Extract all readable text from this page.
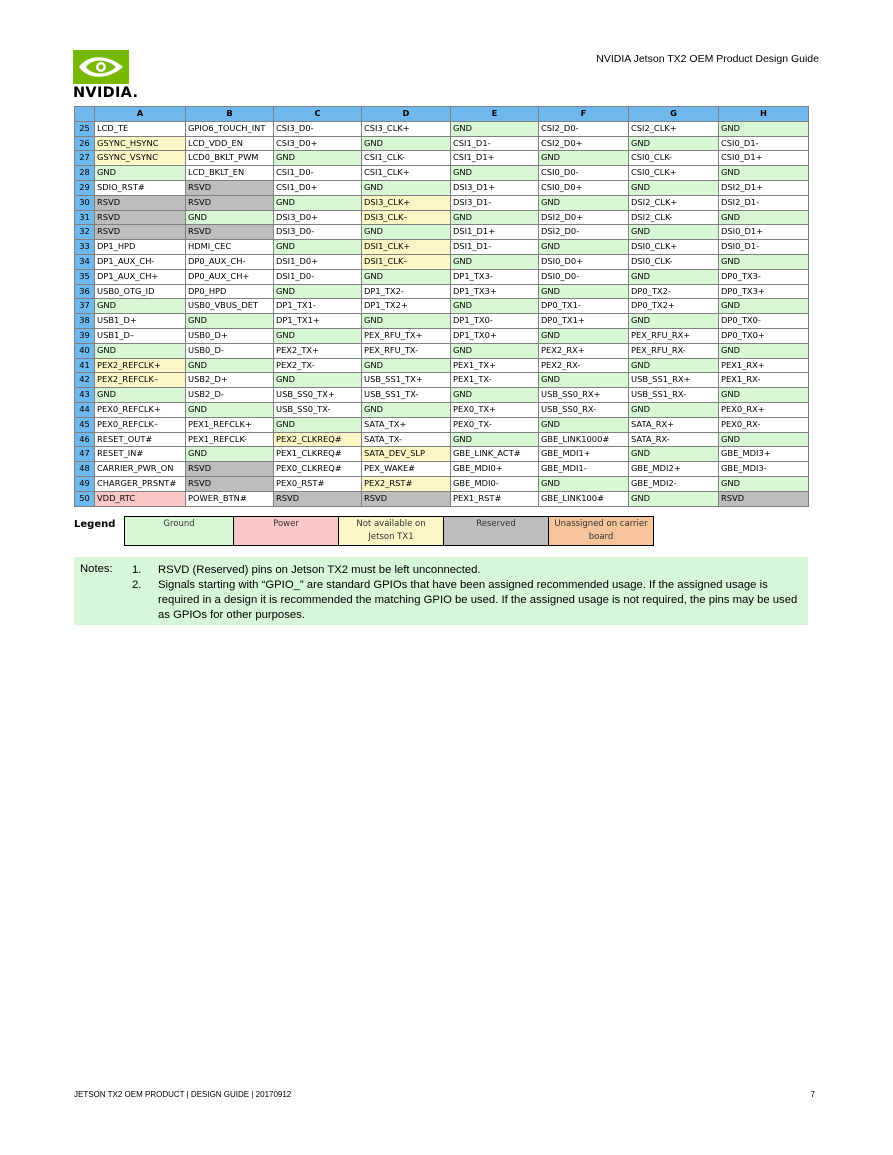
NVIDIA Jetson TX2 OEM Product Design Guide
NVIDIA.
	A	B	C	D	E	F	G	H
25	LCD_TE	GPIO6_TOUCH_INT	CSI3_D0-	CSI3_CLK+	GND	CSI2_D0-	CSI2_CLK+	GND
26	GSYNC_HSYNC	LCD_VDD_EN	CSI3_D0+	GND	CSI1_D1-	CSI2_D0+	GND	CSI0_D1-
27	GSYNC_VSYNC	LCD0_BKLT_PWM	GND	CSI1_CLK-	CSI1_D1+	GND	CSI0_CLK-	CSI0_D1+
28	GND	LCD_BKLT_EN	CSI1_D0-	CSI1_CLK+	GND	CSI0_D0-	CSI0_CLK+	GND
29	SDIO_RST#	RSVD	CSI1_D0+	GND	DSI3_D1+	CSI0_D0+	GND	DSI2_D1+
30	RSVD	RSVD	GND	DSI3_CLK+	DSI3_D1-	GND	DSI2_CLK+	DSI2_D1-
31	RSVD	GND	DSI3_D0+	DSI3_CLK–	GND	DSI2_D0+	DSI2_CLK-	GND
32	RSVD	RSVD	DSI3_D0-	GND	DSI1_D1+	DSI2_D0-	GND	DSI0_D1+
33	DP1_HPD	HDMI_CEC	GND	DSI1_CLK+	DSI1_D1-	GND	DSI0_CLK+	DSI0_D1-
34	DP1_AUX_CH-	DP0_AUX_CH-	DSI1_D0+	DSI1_CLK–	GND	DSI0_D0+	DSI0_CLK-	GND
35	DP1_AUX_CH+	DP0_AUX_CH+	DSI1_D0-	GND	DP1_TX3-	DSI0_D0-	GND	DP0_TX3-
36	USB0_OTG_ID	DP0_HPD	GND	DP1_TX2-	DP1_TX3+	GND	DP0_TX2-	DP0_TX3+
37	GND	USB0_VBUS_DET	DP1_TX1-	DP1_TX2+	GND	DP0_TX1-	DP0_TX2+	GND
38	USB1_D+	GND	DP1_TX1+	GND	DP1_TX0-	DP0_TX1+	GND	DP0_TX0-
39	USB1_D–	USB0_D+	GND	PEX_RFU_TX+	DP1_TX0+	GND	PEX_RFU_RX+	DP0_TX0+
40	GND	USB0_D-	PEX2_TX+	PEX_RFU_TX-	GND	PEX2_RX+	PEX_RFU_RX-	GND
41	PEX2_REFCLK+	GND	PEX2_TX-	GND	PEX1_TX+	PEX2_RX-	GND	PEX1_RX+
42	PEX2_REFCLK–	USB2_D+	GND	USB_SS1_TX+	PEX1_TX-	GND	USB_SS1_RX+	PEX1_RX-
43	GND	USB2_D-	USB_SS0_TX+	USB_SS1_TX-	GND	USB_SS0_RX+	USB_SS1_RX-	GND
44	PEX0_REFCLK+	GND	USB_SS0_TX-	GND	PEX0_TX+	USB_SS0_RX-	GND	PEX0_RX+
45	PEX0_REFCLK–	PEX1_REFCLK+	GND	SATA_TX+	PEX0_TX-	GND	SATA_RX+	PEX0_RX-
46	RESET_OUT#	PEX1_REFCLK-	PEX2_CLKREQ#	SATA_TX-	GND	GBE_LINK1000#	SATA_RX-	GND
47	RESET_IN#	GND	PEX1_CLKREQ#	SATA_DEV_SLP	GBE_LINK_ACT#	GBE_MDI1+	GND	GBE_MDI3+
48	CARRIER_PWR_ON	RSVD	PEX0_CLKREQ#	PEX_WAKE#	GBE_MDI0+	GBE_MDI1-	GBE_MDI2+	GBE_MDI3-
49	CHARGER_PRSNT#	RSVD	PEX0_RST#	PEX2_RST#	GBE_MDI0-	GND	GBE_MDI2-	GND
50	VDD_RTC	POWER_BTN#	RSVD	RSVD	PEX1_RST#	GBE_LINK100#	GND	RSVD
Legend	Ground	Power	Not available on Jetson TX1	Reserved	Unassigned on carrier board
Notes: 1. RSVD (Reserved) pins on Jetson TX2 must be left unconnected.
2. Signals starting with “GPIO_” are standard GPIOs that have been assigned recommended usage. If the assigned usage is required in a design it is recommended the matching GPIO be used. If the assigned usage is not required, the pins may be used as GPIOs for other purposes.
JETSON TX2 OEM PRODUCT | DESIGN GUIDE | 20170912	7
